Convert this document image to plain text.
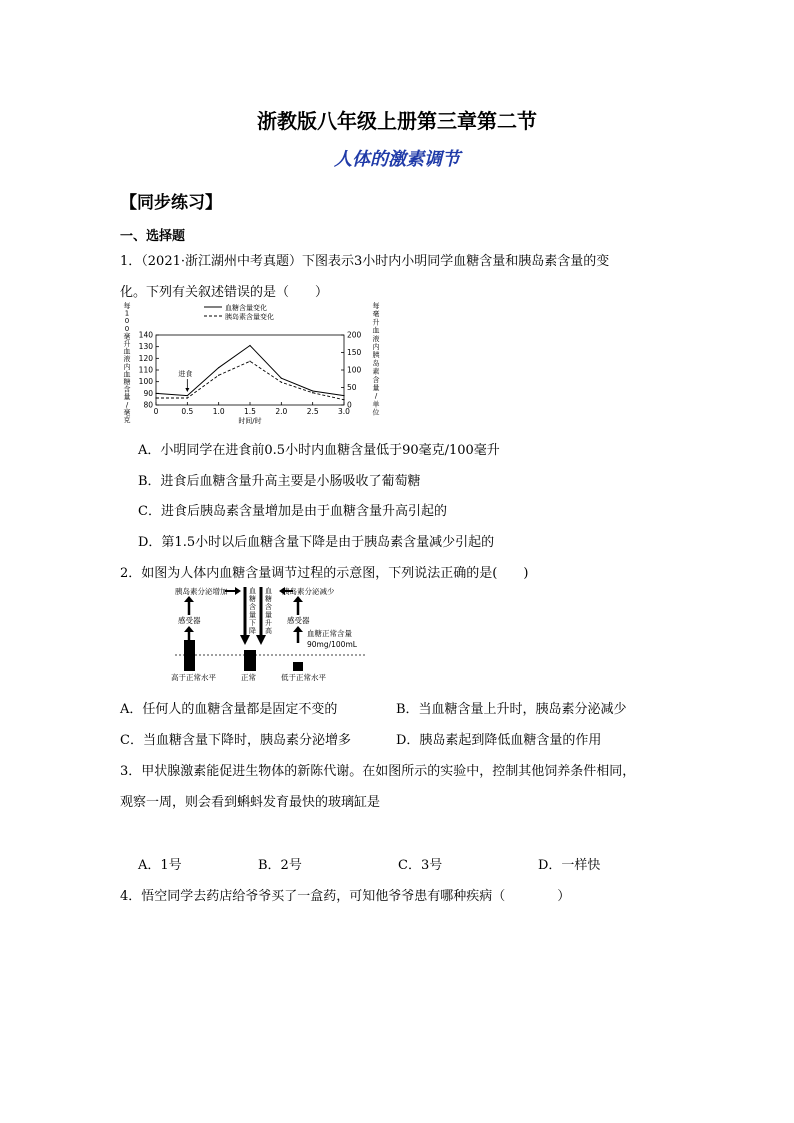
浙教版八年级上册第三章第二节
人体的激素调节
【同步练习】
一、选择题
1．（2021·浙江湖州中考真题）下图表示3小时内小明同学血糖含量和胰岛素含量的变
化。下列有关叙述错误的是（　　）
0	0.5	1.0	1.5	2.0	2.5	3.0
时间/时
80
90
100
110
120
130
140
0
50
100
150
200
每 1 0 0 毫升血液内血糖含量/毫克
每毫升血液内胰岛素含量/单位
血糖含量变化
胰岛素含量变化
进食
A．小明同学在进食前0.5小时内血糖含量低于90毫克/100毫升
B．进食后血糖含量升高主要是小肠吸收了葡萄糖
C．进食后胰岛素含量增加是由于血糖含量升高引起的
D．第1.5小时以后血糖含量下降是由于胰岛素含量减少引起的
2．如图为人体内血糖含量调节过程的示意图，下列说法正确的是(　　)
胰岛素分泌增加
感受器
血糖含量下降
血糖含量升高
胰岛素分泌减少
感受器
血糖正常含量
90mg/100mL
高于正常水平	正常	低于正常水平
A．任何人的血糖含量都是固定不变的	B．当血糖含量上升时，胰岛素分泌减少
C．当血糖含量下降时，胰岛素分泌增多	D．胰岛素起到降低血糖含量的作用
3．甲状腺激素能促进生物体的新陈代谢。在如图所示的实验中，控制其他饲养条件相同，
观察一周，则会看到蝌蚪发育最快的玻璃缸是
A．1号	B．2号	C．3号	D．一样快
4．悟空同学去药店给爷爷买了一盒药，可知他爷爷患有哪种疾病（　　　　）
